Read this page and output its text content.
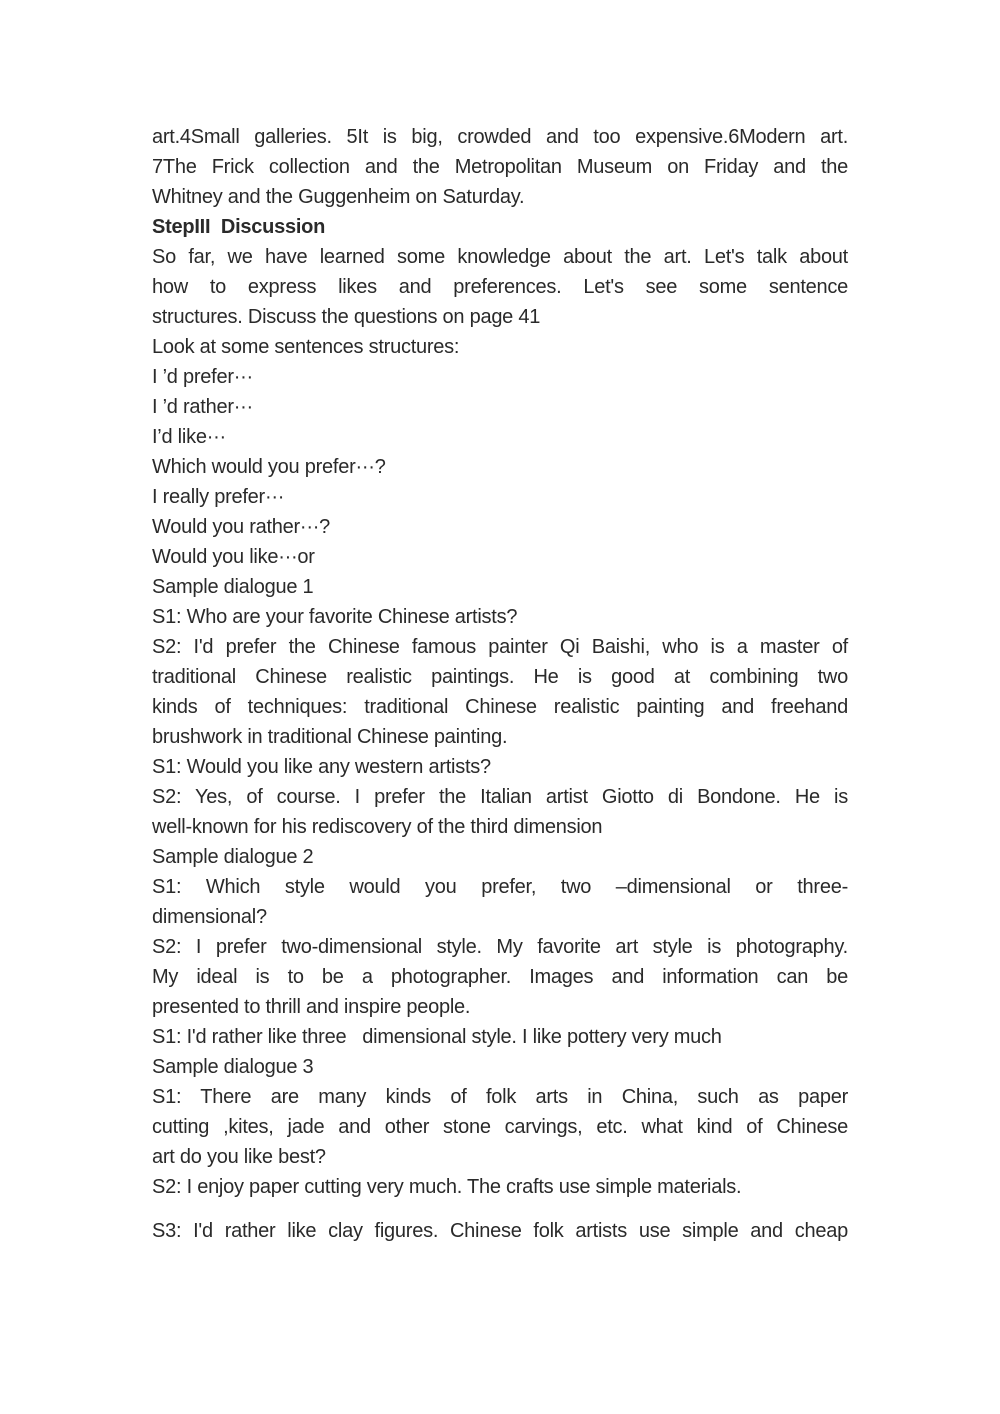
art.4Small galleries. 5It is big, crowded and too expensive.6Modern art.

7The Frick collection and the Metropolitan Museum on Friday and the

Whitney and the Guggenheim on Saturday.

StepIII  Discussion

So far, we have learned some knowledge about the art. Let's talk about

how to express likes and preferences. Let's see some sentence

structures. Discuss the questions on page 41

Look at some sentences structures:

I ’d prefer···

I ’d rather···

I’d like···

Which would you prefer···?

I really prefer···

Would you rather···?

Would you like···or

Sample dialogue 1

S1: Who are your favorite Chinese artists?

S2: I'd prefer the Chinese famous painter Qi Baishi, who is a master of

traditional Chinese realistic paintings. He is good at combining two

kinds of techniques: traditional Chinese realistic painting and freehand

brushwork in traditional Chinese painting.

S1: Would you like any western artists?

S2: Yes, of course. I prefer the Italian artist Giotto di Bondone. He is

well-known for his rediscovery of the third dimension

Sample dialogue 2

S1: Which style would you prefer, two –dimensional or three-

dimensional?

S2: I prefer two-dimensional style. My favorite art style is photography.

My ideal is to be a photographer. Images and information can be

presented to thrill and inspire people.

S1: I'd rather like three   dimensional style. I like pottery very much

Sample dialogue 3

S1: There are many kinds of folk arts in China, such as paper

cutting ,kites, jade and other stone carvings, etc. what kind of Chinese

art do you like best?

S2: I enjoy paper cutting very much. The crafts use simple materials.

S3: I'd rather like clay figures. Chinese folk artists use simple and cheap
